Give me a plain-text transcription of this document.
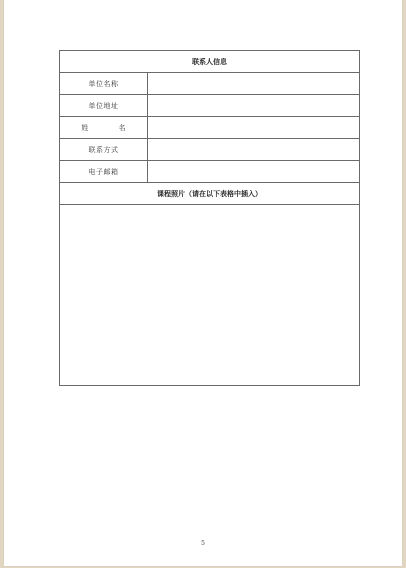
联系人信息
单位名称
单位地址
姓 名
联系方式
电子邮箱
课程照片（请在以下表格中插入）
5
